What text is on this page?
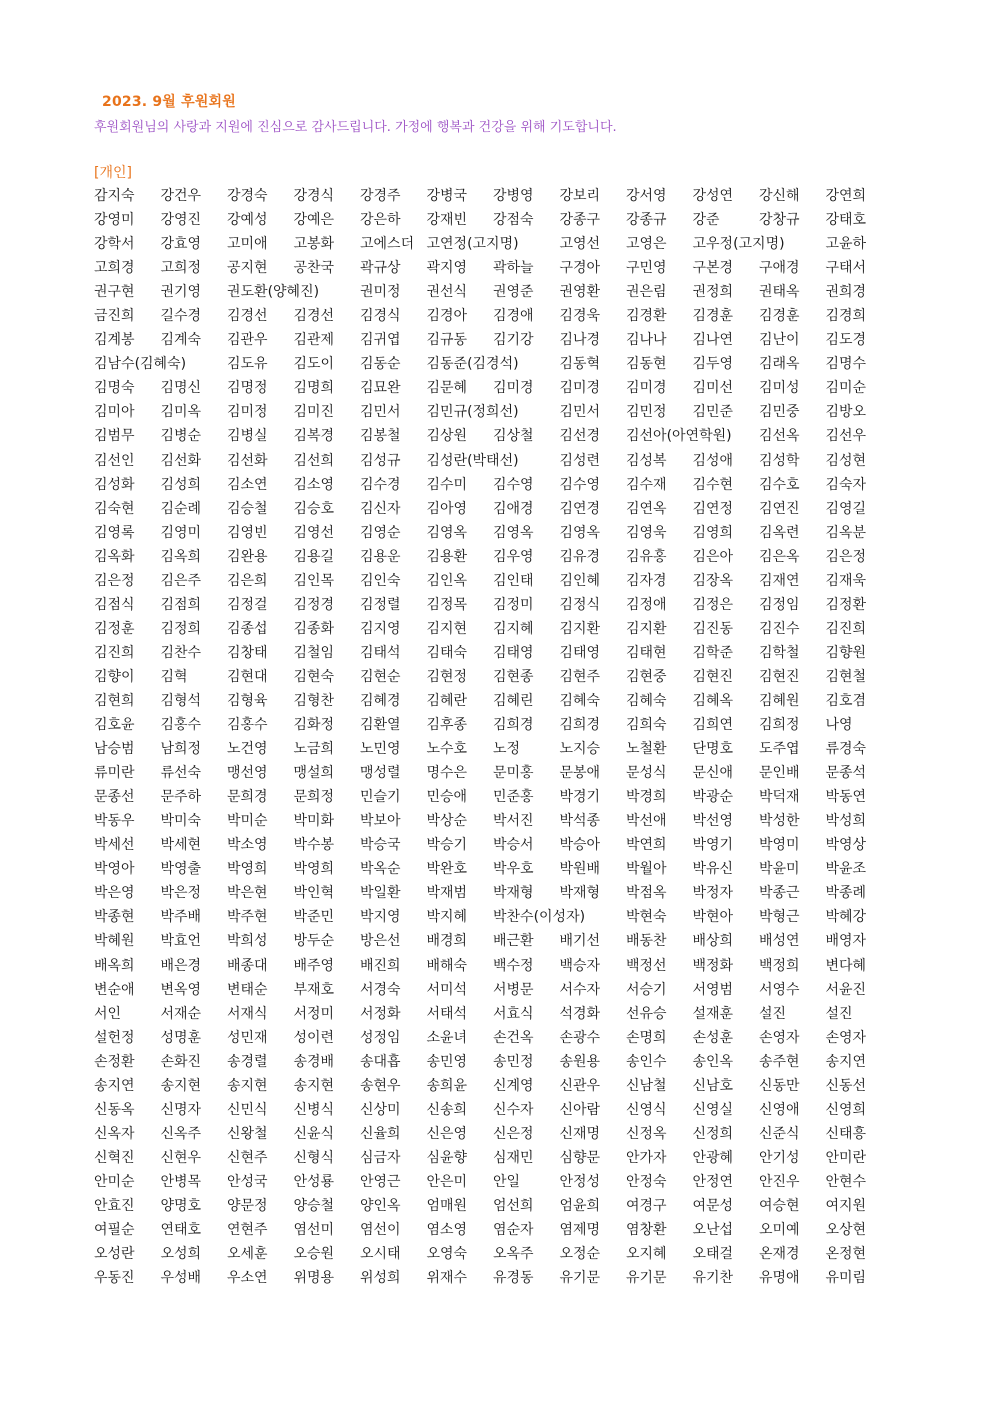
2023. 9월 후원회원

후원회원님의 사랑과 지원에 진심으로 감사드립니다. 가정에 행복과 건강을 위해 기도합니다.

[개인]
감지숙 강건우 강경숙 강경식 강경주 강병국 강병영 강보리 강서영 강성연 강신해 강연희
강영미 강영진 강예성 강예은 강은하 강재빈 강점숙 강종구 강종규 강준	강창규 강태호
강학서 강효영 고미애 고봉화 고에스더 고연정(고지명)	고영선 고영은 고우정(고지명)	고윤하
고희경 고희정 공지현 공찬국 곽규상 곽지영 곽하늘 구경아 구민영 구본경 구애경 구태서
권구현 권기영 권도환(양혜진)	권미정 권선식 권영준 권영환 권은림 권정희 권태옥 권희경
금진희 길수경 김경선 김경선 김경식 김경아 김경애 김경욱 김경환 김경훈 김경훈 김경희
김계봉 김계숙 김관우 김관제 김귀엽 김규동 김기강 김나경 김나나 김나연 김난이 김도경
김남수(김혜숙)	김도유 김도이 김동순 김동준(김경석)	김동혁 김동현 김두영 김래옥 김명수
김명숙 김명신 김명정 김명희 김묘완 김문혜 김미경 김미경 김미경 김미선 김미성 김미순
김미아 김미옥 김미정 김미진 김민서 김민규(정희선)	김민서 김민정 김민준 김민중 김방오
김범무 김병순 김병실 김복경 김봉철 김상원 김상철 김선경 김선아(아연학원) 김선옥 김선우
김선인 김선화 김선화 김선희 김성규 김성란(박태선)	김성련 김성복 김성애 김성학 김성현
김성화 김성희 김소연 김소영 김수경 김수미 김수영 김수영 김수재 김수현 김수호 김숙자
김숙현 김순례 김승철 김승호 김신자 김아영 김애경 김연경 김연옥 김연정 김연진 김영길
김영록 김영미 김영빈 김영선 김영순 김영옥 김영옥 김영옥 김영욱 김영희 김옥련 김옥분
김옥화 김옥희 김완용 김용길 김용운 김용환 김우영 김유경 김유홍 김은아 김은옥 김은정
김은정 김은주 김은희 김인목 김인숙 김인옥 김인태 김인혜 김자경 김장옥 김재연 김재욱
김점식 김점희 김정걸 김정경 김정렬 김정목 김정미 김정식 김정애 김정은 김정임 김정환
김정훈 김정희 김종섭 김종화 김지영 김지현 김지혜 김지환 김지환 김진동 김진수 김진희
김진희 김찬수 김창태 김철임 김태석 김태숙 김태영 김태영 김태현 김학준 김학철 김향원
김향이 김혁	김현대 김현숙 김현순 김현정 김현종 김현주 김현중 김현진 김현진 김현철
김현희 김형석 김형육 김형찬 김혜경 김혜란 김혜린 김혜숙 김혜숙 김혜옥 김혜원 김호겸
김호윤 김홍수 김홍수 김화정 김환열 김후종 김희경 김희경 김희숙 김희연 김희정 나영
남승범 남희정 노건영 노금희 노민영 노수호 노정	노지승 노철환 단명호 도주엽 류경숙
류미란 류선숙 맹선영 맹설희 맹성렬 명수은 문미홍 문봉애 문성식 문신애 문인배 문종석
문종선 문주하 문희경 문희정 민슬기 민승애 민준홍 박경기 박경희 박광순 박덕재 박동연
박동우 박미숙 박미순 박미화 박보아 박상순 박서진 박석종 박선애 박선영 박성한 박성희
박세선 박세현 박소영 박수봉 박승국 박승기 박승서 박승아 박연희 박영기 박영미 박영상
박영아 박영출 박영희 박영희 박옥순 박완호 박우호 박원배 박월아 박유신 박윤미 박윤조
박은영 박은정 박은현 박인혁 박일환 박재범 박재형 박재형 박점옥 박정자 박종근 박종례
박종현 박주배 박주현 박준민 박지영 박지혜 박찬수(이성자)	박현숙 박현아 박형근 박혜강
박혜원 박효언 박희성 방두순 방은선 배경희 배근환 배기선 배동찬 배상희 배성연 배영자
배옥희 배은경 배종대 배주영 배진희 배해숙 백수정 백승자 백정선 백정화 백정희 변다혜
변순애 변옥영 변태순 부재호 서경숙 서미석 서병문 서수자 서승기 서영범 서영수 서윤진
서인	서재순 서재식 서정미 서정화 서태석 서효식 석경화 선유승 설재훈 설진	설진
설헌정 성명훈 성민재 성이련 성정임 소윤녀 손건옥 손광수 손명희 손성훈 손영자 손영자
손정환 손화진 송경렬 송경배 송대흡 송민영 송민정 송원용 송인수 송인옥 송주현 송지연
송지연 송지현 송지현 송지현 송현우 송희윤 신계영 신관우 신남철 신남호 신동만 신동선
신동옥 신명자 신민식 신병식 신상미 신송희 신수자 신아람 신영식 신영실 신영애 신영희
신옥자 신옥주 신왕철 신윤식 신율희 신은영 신은정 신재명 신정옥 신정희 신준식 신태흥
신혁진 신현우 신현주 신형식 심금자 심윤향 심재민 심향문 안가자 안광혜 안기성 안미란
안미순 안병목 안성국 안성룡 안영근 안은미 안일	안정성 안정숙 안정연 안진우 안현수
안효진 양명호 양문정 양승철 양인옥 엄매원 엄선희 엄윤희 여경구 여문성 여승현 여지원
여필순 연태호 연현주 염선미 염선이 염소영 염순자 염제명 염창환 오난섭 오미예 오상현
오성란 오성희 오세훈 오승원 오시태 오영숙 오옥주 오정순 오지혜 오태걸 온재경 온정현
우동진 우성배 우소연 위명용 위성희 위재수 유경동 유기문 유기문 유기찬 유명애 유미림
